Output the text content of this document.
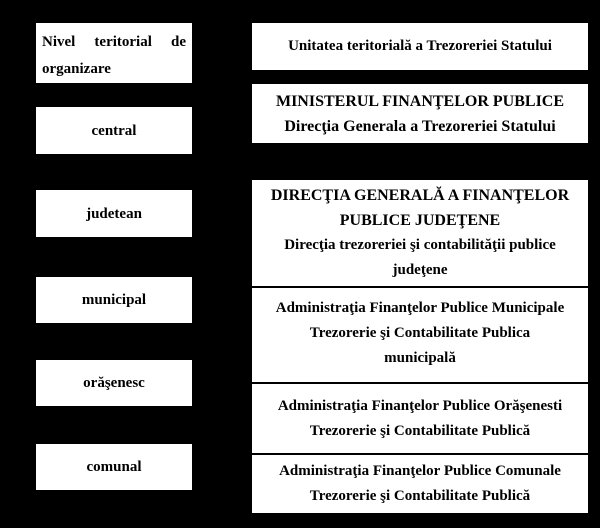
Nivel teritorial de organizare
central
judetean
municipal
orăşenesc
comunal
Unitatea teritorială a Trezoreriei Statului
MINISTERUL FINANŢELOR PUBLICE
Direcţia Generala a Trezoreriei Statului
DIRECŢIA GENERALĂ A FINANŢELOR
PUBLICE JUDEŢENE
Direcţia trezoreriei şi contabilităţii publice
judeţene
Administraţia Finanţelor Publice Municipale
Trezorerie şi Contabilitate Publica
municipală
Administraţia Finanţelor Publice Orăşenesti
Trezorerie şi Contabilitate Publică
Administraţia Finanţelor Publice Comunale
Trezorerie şi Contabilitate Publică
